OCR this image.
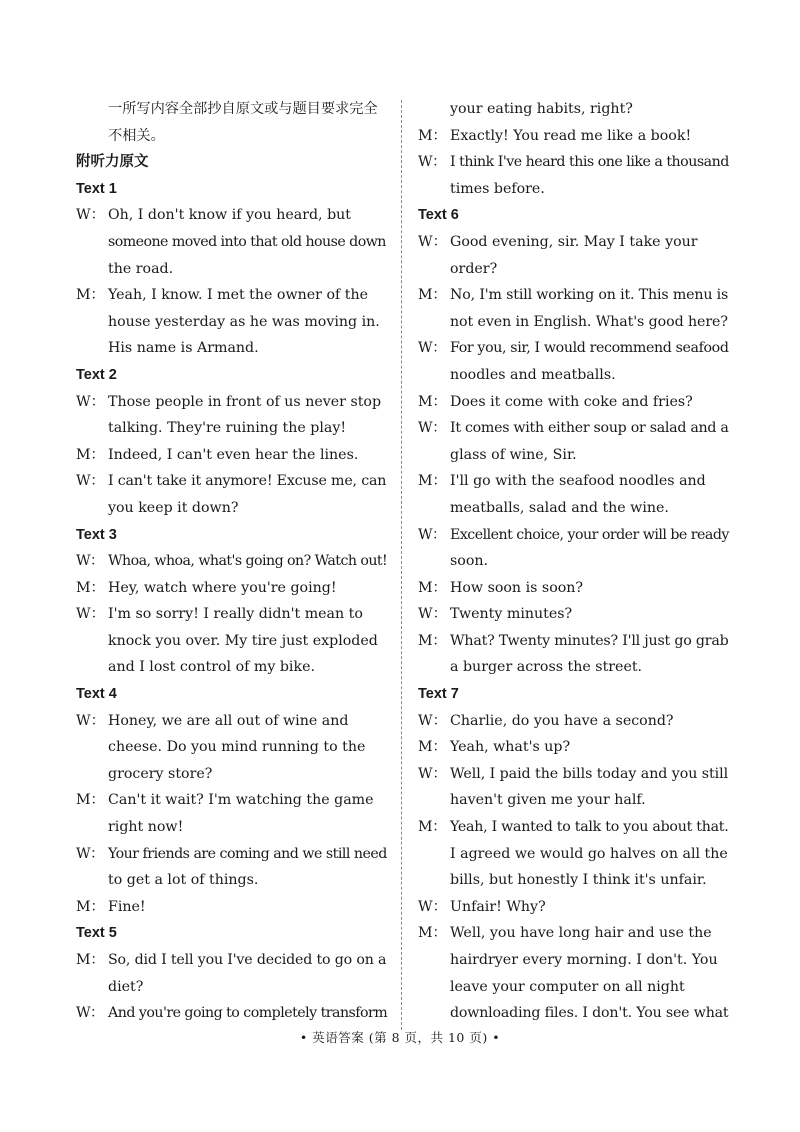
一所写内容全部抄自原文或与题目要求完全
不相关。
附听力原文
Text 1
W： Oh, I don't know if you heard, but
someone moved into that old house down
the road.
M： Yeah, I know. I met the owner of the
house yesterday as he was moving in.
His name is Armand.
Text 2
W： Those people in front of us never stop
talking. They're ruining the play!
M： Indeed, I can't even hear the lines.
W： I can't take it anymore! Excuse me, can
you keep it down?
Text 3
W： Whoa, whoa, what's going on? Watch out!
M： Hey, watch where you're going!
W： I'm so sorry! I really didn't mean to
knock you over. My tire just exploded
and I lost control of my bike.
Text 4
W： Honey, we are all out of wine and
cheese. Do you mind running to the
grocery store?
M： Can't it wait? I'm watching the game
right now!
W： Your friends are coming and we still need
to get a lot of things.
M： Fine!
Text 5
M： So, did I tell you I've decided to go on a
diet?
W： And you're going to completely transform
your eating habits, right?
M： Exactly! You read me like a book!
W： I think I've heard this one like a thousand
times before.
Text 6
W： Good evening, sir. May I take your
order?
M： No, I'm still working on it. This menu is
not even in English. What's good here?
W： For you, sir, I would recommend seafood
noodles and meatballs.
M： Does it come with coke and fries?
W： It comes with either soup or salad and a
glass of wine, Sir.
M： I'll go with the seafood noodles and
meatballs, salad and the wine.
W： Excellent choice, your order will be ready
soon.
M： How soon is soon?
W： Twenty minutes?
M： What? Twenty minutes? I'll just go grab
a burger across the street.
Text 7
W： Charlie, do you have a second?
M： Yeah, what's up?
W： Well, I paid the bills today and you still
haven't given me your half.
M： Yeah, I wanted to talk to you about that.
I agreed we would go halves on all the
bills, but honestly I think it's unfair.
W： Unfair! Why?
M： Well, you have long hair and use the
hairdryer every morning. I don't. You
leave your computer on all night
downloading files. I don't. You see what
• 英语答案 (第 8 页，共 10 页) •
